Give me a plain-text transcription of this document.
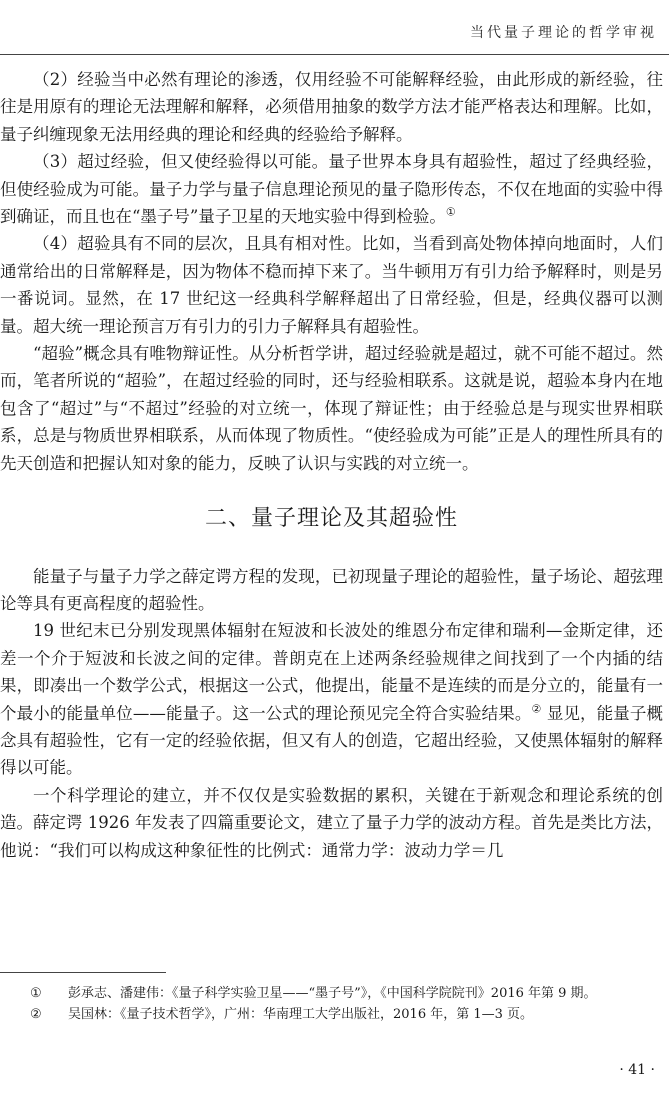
当代量子理论的哲学审视

（2）经验当中必然有理论的渗透，仅用经验不可能解释经验，由此形成的新经验，往往是用原有的理论无法理解和解释，必须借用抽象的数学方法才能严格表达和理解。比如，量子纠缠现象无法用经典的理论和经典的经验给予解释。

（3）超过经验，但又使经验得以可能。量子世界本身具有超验性，超过了经典经验，但使经验成为可能。量子力学与量子信息理论预见的量子隐形传态，不仅在地面的实验中得到确证，而且也在“墨子号”量子卫星的天地实验中得到检验。①

（4）超验具有不同的层次，且具有相对性。比如，当看到高处物体掉向地面时，人们通常给出的日常解释是，因为物体不稳而掉下来了。当牛顿用万有引力给予解释时，则是另一番说词。显然，在 17 世纪这一经典科学解释超出了日常经验，但是，经典仪器可以测量。超大统一理论预言万有引力的引力子解释具有超验性。

“超验”概念具有唯物辩证性。从分析哲学讲，超过经验就是超过，就不可能不超过。然而，笔者所说的“超验”，在超过经验的同时，还与经验相联系。这就是说，超验本身内在地包含了“超过”与“不超过”经验的对立统一，体现了辩证性；由于经验总是与现实世界相联系，总是与物质世界相联系，从而体现了物质性。“使经验成为可能”正是人的理性所具有的先天创造和把握认知对象的能力，反映了认识与实践的对立统一。

二、量子理论及其超验性

能量子与量子力学之薛定谔方程的发现，已初现量子理论的超验性，量子场论、超弦理论等具有更高程度的超验性。

19 世纪末已分别发现黑体辐射在短波和长波处的维恩分布定律和瑞利—金斯定律，还差一个介于短波和长波之间的定律。普朗克在上述两条经验规律之间找到了一个内插的结果，即凑出一个数学公式，根据这一公式，他提出，能量不是连续的而是分立的，能量有一个最小的能量单位——能量子。这一公式的理论预见完全符合实验结果。② 显见，能量子概念具有超验性，它有一定的经验依据，但又有人的创造，它超出经验，又使黑体辐射的解释得以可能。

一个科学理论的建立，并不仅仅是实验数据的累积，关键在于新观念和理论系统的创造。薛定谔 1926 年发表了四篇重要论文，建立了量子力学的波动方程。首先是类比方法，他说：“我们可以构成这种象征性的比例式：通常力学：波动力学＝几

①	彭承志、潘建伟：《量子科学实验卫星——“墨子号”》，《中国科学院院刊》2016 年第 9 期。
②	吴国林：《量子技术哲学》，广州：华南理工大学出版社，2016 年，第 1—3 页。
· 41 ·
